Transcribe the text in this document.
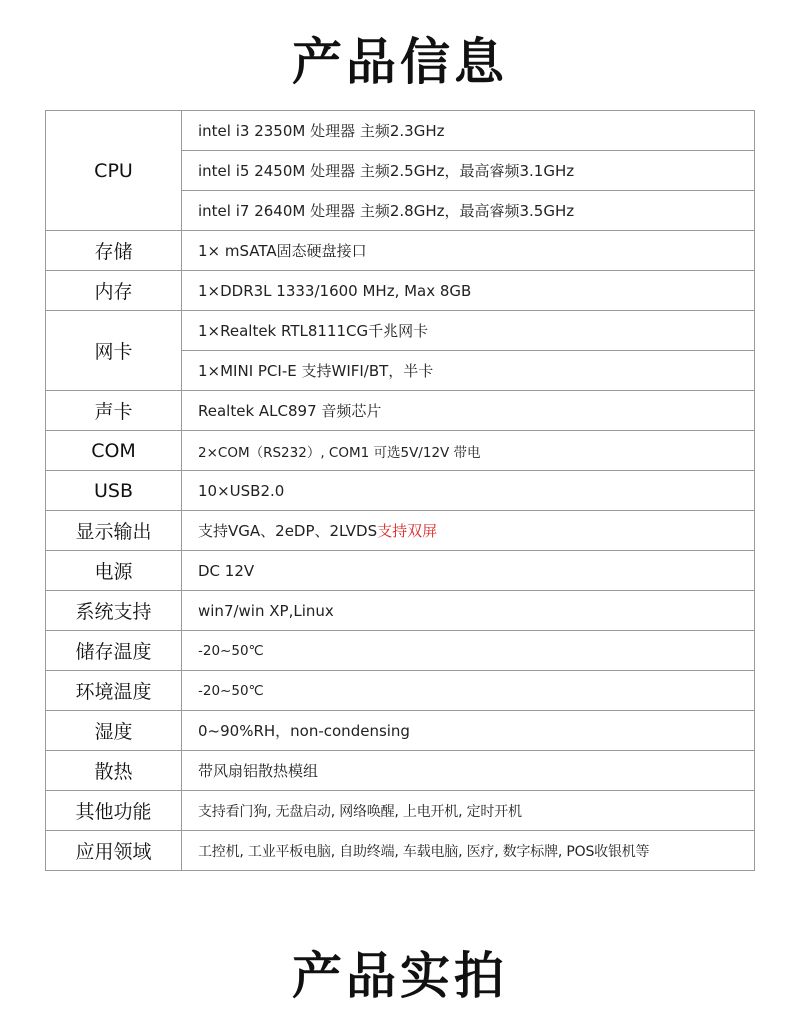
产品信息
CPU	intel i3 2350M 处理器 主频2.3GHz
	intel i5 2450M 处理器 主频2.5GHz，最高睿频3.1GHz
	intel i7 2640M 处理器 主频2.8GHz，最高睿频3.5GHz
存储	1× mSATA固态硬盘接口
内存	1×DDR3L 1333/1600 MHz, Max 8GB
网卡	1×Realtek RTL8111CG千兆网卡
	1×MINI PCI-E 支持WIFI/BT，半卡
声卡	Realtek ALC897 音频芯片
COM	2×COM（RS232）, COM1 可选5V/12V 带电
USB	10×USB2.0
显示输出	支持VGA、2eDP、2LVDS支持双屏
电源	DC 12V
系统支持	win7/win XP,Linux
储存温度	-20~50℃
环境温度	-20~50℃
湿度	0~90%RH，non-condensing
散热	带风扇铝散热模组
其他功能	支持看门狗, 无盘启动, 网络唤醒, 上电开机, 定时开机
应用领域	工控机, 工业平板电脑, 自助终端, 车载电脑, 医疗, 数字标牌, POS收银机等
产品实拍
